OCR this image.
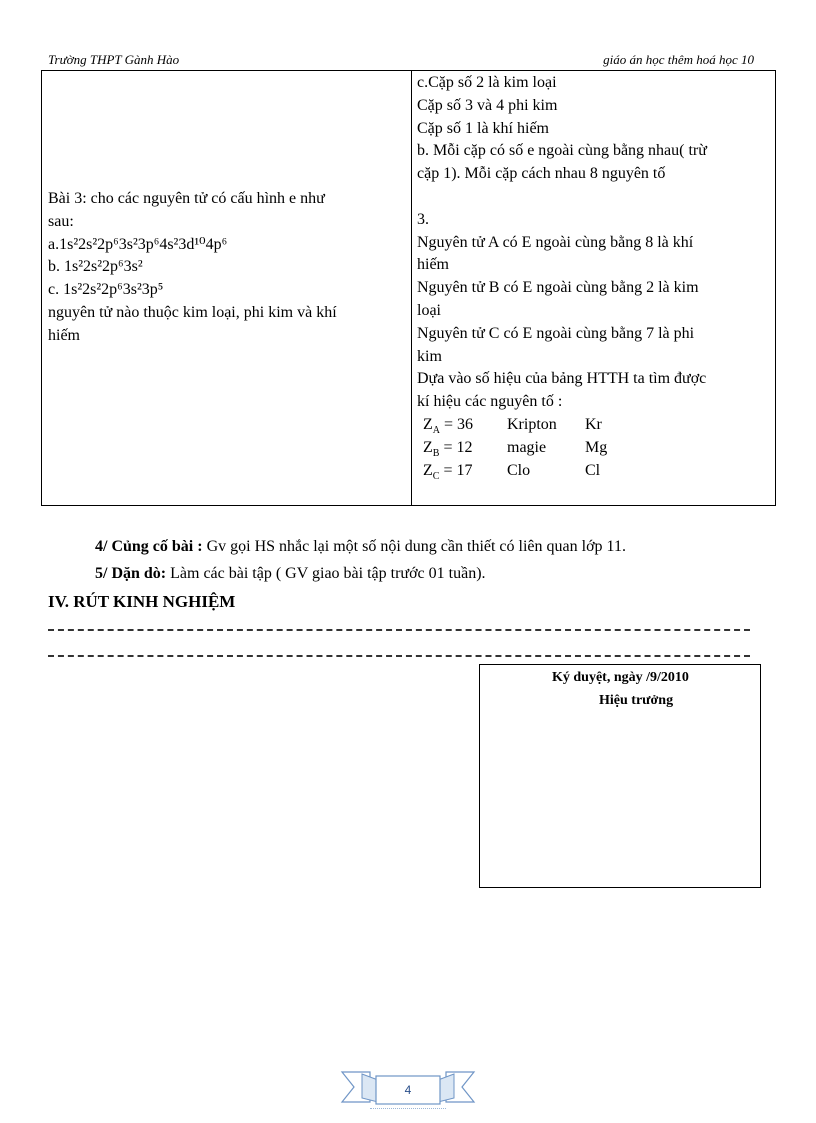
Trường THPT Gành Hào	giáo án học thêm hoá học 10
Bài 3: cho các nguyên tử có cấu hình e như
sau:
a.1s²2s²2p⁶3s²3p⁶4s²3d¹⁰4p⁶
b. 1s²2s²2p⁶3s²
c. 1s²2s²2p⁶3s²3p⁵
nguyên tử nào thuộc kim loại, phi kim và khí
hiếm
c.Cặp số 2 là kim loại
Cặp số 3 và 4 phi kim
Cặp số 1 là khí hiếm
b. Mỗi cặp có số e ngoài cùng bằng nhau( trừ
cặp 1). Mỗi cặp cách nhau 8 nguyên tố

3.
Nguyên tử A có E ngoài cùng bằng 8 là khí
hiếm
Nguyên tử B có E ngoài cùng bằng 2 là kim
loại
Nguyên tử C có E ngoài cùng bằng 7 là phi
kim
Dựa vào số hiệu của bảng HTTH ta tìm được
kí hiệu các nguyên tố :
$Z_A = 36$	Kripton	Kr
$Z_B = 12$	magie	Mg
$Z_C = 17$	Clo	Cl
4/ Củng cố bài : Gv gọi HS nhắc lại một số nội dung cần thiết có liên quan lớp 11.
5/ Dặn dò: Làm các bài tập ( GV giao bài tập trước 01 tuần).
IV. RÚT KINH NGHIỆM
Ký duyệt, ngày /9/2010
Hiệu trưởng
4
